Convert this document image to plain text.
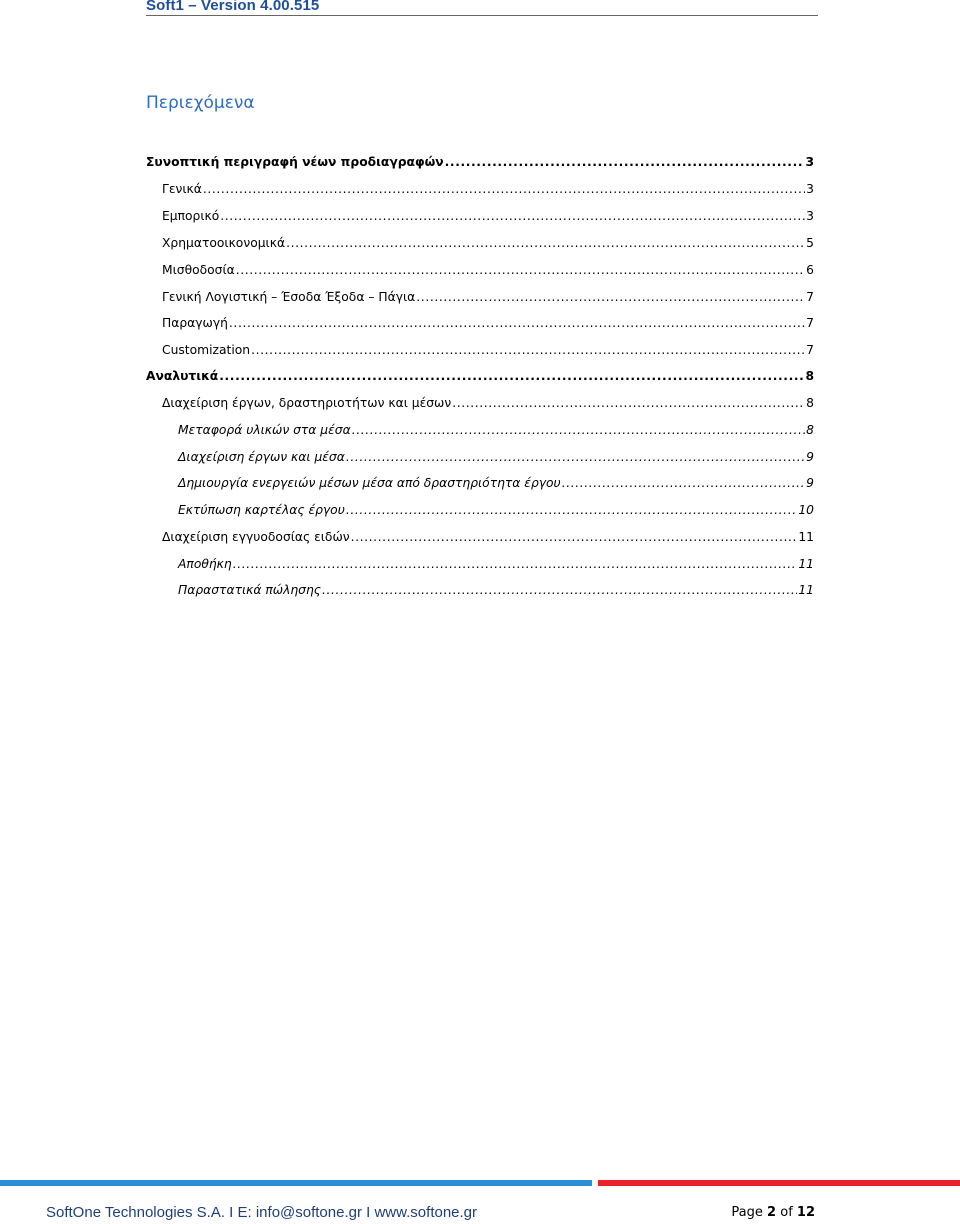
Soft1 – Version 4.00.515
Περιεχόμενα
Συνοπτική περιγραφή νέων προδιαγραφών .....	3
Γενικά .....	3
Εμπορικό .....	3
Χρηματοοικονομικά .....	5
Μισθοδοσία .....	6
Γενική Λογιστική – Έσοδα Έξοδα – Πάγια .....	7
Παραγωγή .....	7
Customization .....	7
Αναλυτικά .....	8
Διαχείριση έργων, δραστηριοτήτων και μέσων .....	8
Μεταφορά υλικών στα μέσα .....	8
Διαχείριση έργων και μέσα .....	9
Δημιουργία ενεργειών μέσων μέσα από δραστηριότητα έργου .....	9
Εκτύπωση καρτέλας έργου .....	10
Διαχείριση εγγυοδοσίας ειδών .....	11
Αποθήκη .....	11
Παραστατικά πώλησης .....	11
SoftOne Technologies S.A. I E: info@softone.gr I www.softone.gr	Page 2 of 12
